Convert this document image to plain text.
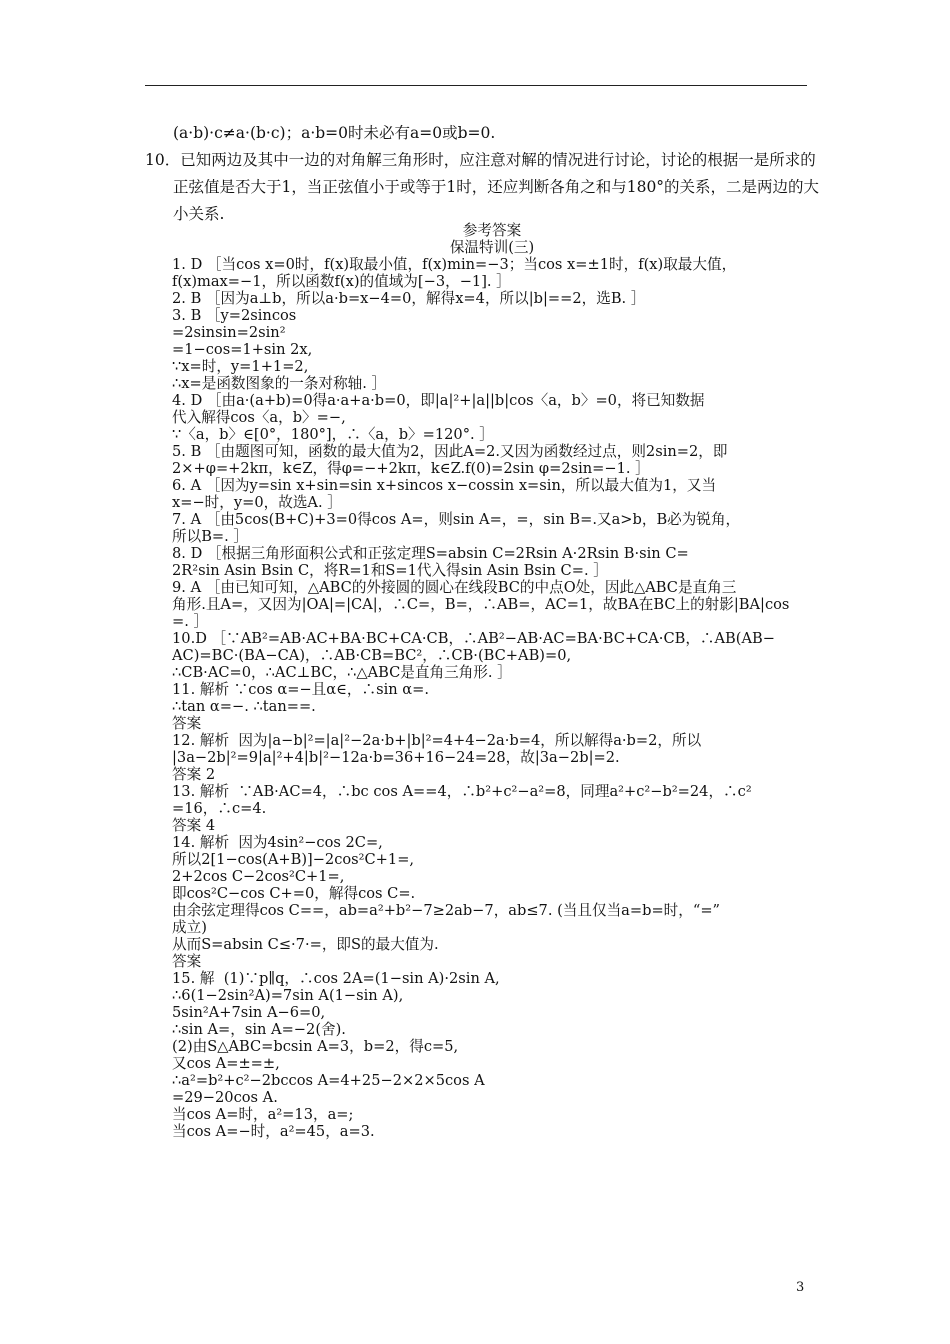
(a·b)·c≠a·(b·c)；a·b=0时未必有a=0或b=0.

10．已知两边及其中一边的对角解三角形时，应注意对解的情况进行讨论，讨论的根据一是所求的正弦值是否大于1，当正弦值小于或等于1时，还应判断各角之和与180°的关系，二是两边的大小关系.

参考答案

保温特训(三)

1. D ［当cos x=0时，f(x)取最小值，f(x)min=−3；当cos x=±1时，f(x)取最大值，

f(x)max=−1，所以函数f(x)的值域为[−3，−1]. ］

2. B ［因为a⊥b，所以a·b=x−4=0，解得x=4，所以|b|==2，选B. ］

3. B ［y=2sincos

=2sinsin=2sin²

=1−cos=1+sin 2x,

∵x=时，y=1+1=2,

∴x=是函数图象的一条对称轴. ］

4. D ［由a·(a+b)=0得a·a+a·b=0，即|a|²+|a||b|cos〈a，b〉=0，将已知数据

代入解得cos〈a，b〉=−,

∵〈a，b〉∈[0°，180°]，∴〈a，b〉=120°. ］

5. B ［由题图可知，函数的最大值为2，因此A=2.又因为函数经过点，则2sin=2，即

2×+φ=+2kπ，k∈Z，得φ=−+2kπ，k∈Z.f(0)=2sin φ=2sin=−1. ］

6. A ［因为y=sin x+sin=sin x+sincos x−cossin x=sin，所以最大值为1，又当

x=−时，y=0，故选A. ］

7. A ［由5cos(B+C)+3=0得cos A=，则sin A=，=，sin B=.又a>b，B必为锐角，

所以B=. ］

8. D ［根据三角形面积公式和正弦定理S=absin C=2Rsin A·2Rsin B·sin C=

2R²sin Asin Bsin C，将R=1和S=1代入得sin Asin Bsin C=. ］

9. A ［由已知可知，△ABC的外接圆的圆心在线段BC的中点O处，因此△ABC是直角三

角形.且A=，又因为|OA|=|CA|，∴C=，B=，∴AB=，AC=1，故BA在BC上的射影|BA|cos

=. ］

10.D ［∵AB²=AB·AC+BA·BC+CA·CB，∴AB²−AB·AC=BA·BC+CA·CB，∴AB(AB−

AC)=BC·(BA−CA)，∴AB·CB=BC²，∴CB·(BC+AB)=0,

∴CB·AC=0，∴AC⊥BC，∴△ABC是直角三角形. ］

11. 解析 ∵cos α=−且α∈，∴sin α=.

∴tan α=−. ∴tan==.

答案

12. 解析  因为|a−b|²=|a|²−2a·b+|b|²=4+4−2a·b=4，所以解得a·b=2，所以

|3a−2b|²=9|a|²+4|b|²−12a·b=36+16−24=28，故|3a−2b|=2.

答案 2

13. 解析  ∵AB·AC=4，∴bc cos A==4，∴b²+c²−a²=8，同理a²+c²−b²=24，∴c²

=16，∴c=4.

答案 4

14. 解析  因为4sin²−cos 2C=,

所以2[1−cos(A+B)]−2cos²C+1=,

2+2cos C−2cos²C+1=,

即cos²C−cos C+=0，解得cos C=.

由余弦定理得cos C==，ab=a²+b²−7≥2ab−7，ab≤7. (当且仅当a=b=时，“=”

成立)

从而S=absin C≤·7·=，即S的最大值为.

答案

15. 解  (1)∵p∥q，∴cos 2A=(1−sin A)·2sin A,

∴6(1−2sin²A)=7sin A(1−sin A),

5sin²A+7sin A−6=0,

∴sin A=，sin A=−2(舍).

(2)由S△ABC=bcsin A=3，b=2，得c=5,

又cos A=±=±,

∴a²=b²+c²−2bccos A=4+25−2×2×5cos A

=29−20cos A.

当cos A=时，a²=13，a=;

当cos A=−时，a²=45，a=3.

3
